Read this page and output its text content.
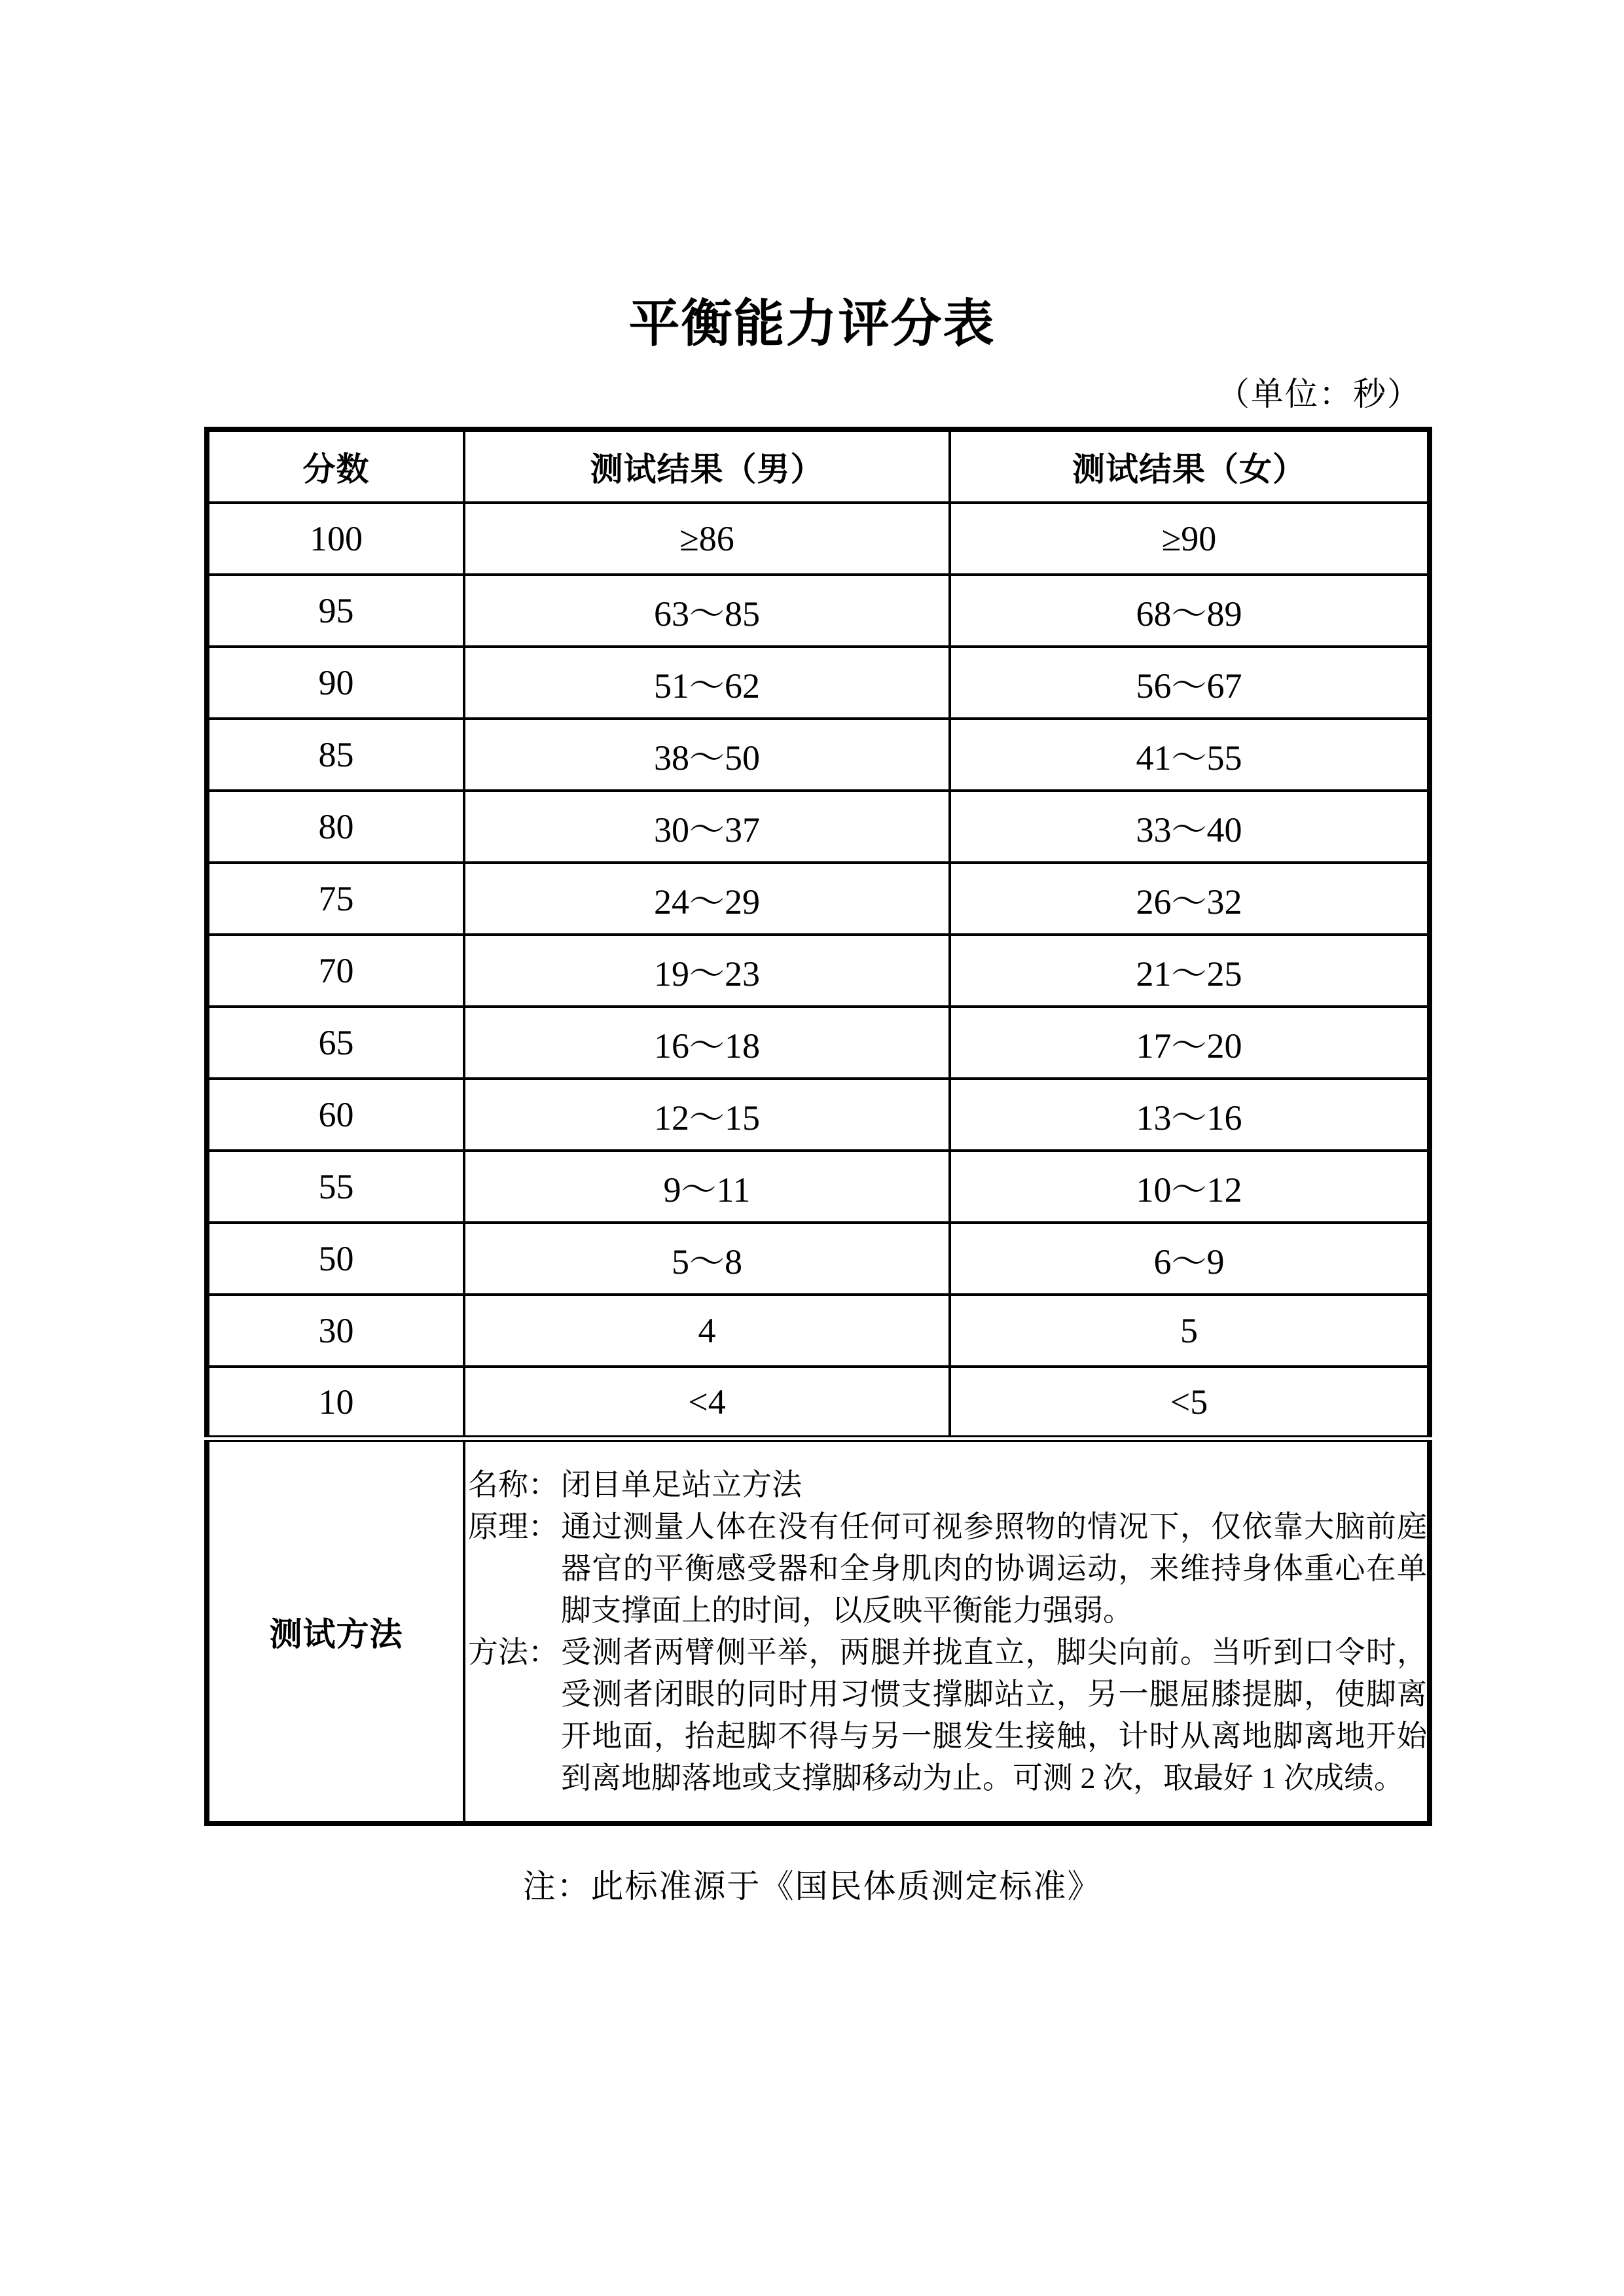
平衡能力评分表
（单位：秒）
分数	测试结果（男）	测试结果（女）
100	≥86	≥90
95	63～85	68～89
90	51～62	56～67
85	38～50	41～55
80	30～37	33～40
75	24～29	26～32
70	19～23	21～25
65	16～18	17～20
60	12～15	13～16
55	9～11	10～12
50	5～8	6～9
30	4	5
10	<4	<5
测试方法	
名称： 闭目单足站立方法
原理： 通过测量人体在没有任何可视参照物的情况下，仅依靠大脑前庭器官的平衡感受器和全身肌肉的协调运动，来维持身体重心在单脚支撑面上的时间，以反映平衡能力强弱。
方法： 受测者两臂侧平举，两腿并拢直立，脚尖向前。当听到口令时，受测者闭眼的同时用习惯支撑脚站立，另一腿屈膝提脚，使脚离开地面，抬起脚不得与另一腿发生接触，计时从离地脚离地开始到离地脚落地或支撑脚移动为止。可测 2 次，取最好 1 次成绩。
注：此标准源于《国民体质测定标准》
